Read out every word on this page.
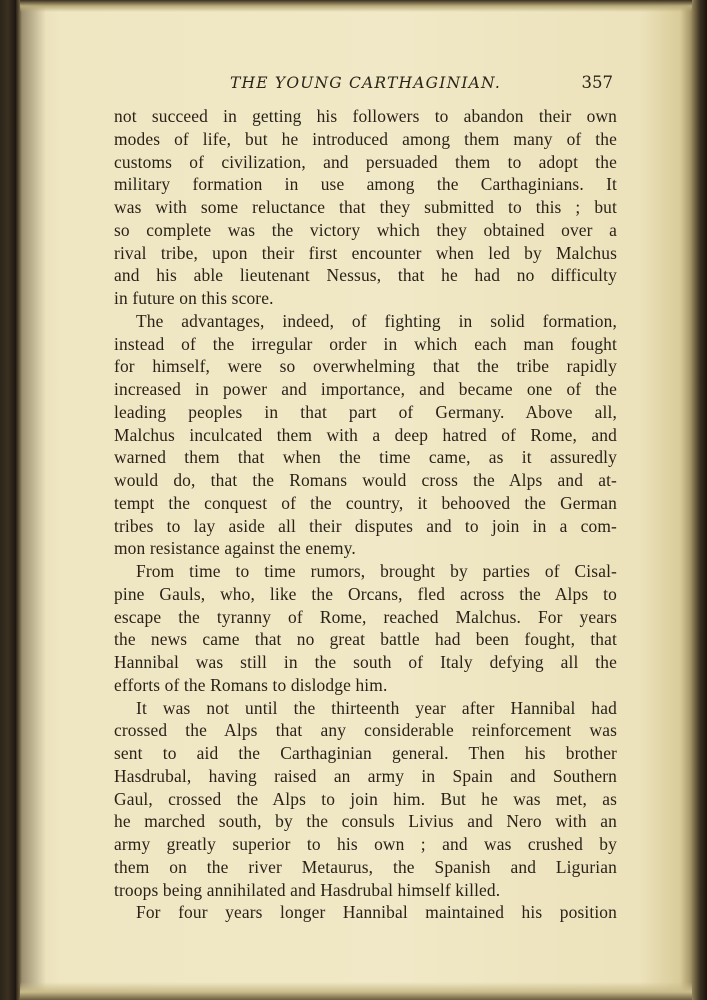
THE YOUNG CARTHAGINIAN.	357
not succeed in getting his followers to abandon their own
modes of life, but he introduced among them many of the
customs of civilization, and persuaded them to adopt the
military formation in use among the Carthaginians. It
was with some reluctance that they submitted to this ; but
so complete was the victory which they obtained over a
rival tribe, upon their first encounter when led by Malchus
and his able lieutenant Nessus, that he had no difficulty
in future on this score.
The advantages, indeed, of fighting in solid formation,
instead of the irregular order in which each man fought
for himself, were so overwhelming that the tribe rapidly
increased in power and importance, and became one of the
leading peoples in that part of Germany. Above all,
Malchus inculcated them with a deep hatred of Rome, and
warned them that when the time came, as it assuredly
would do, that the Romans would cross the Alps and at-
tempt the conquest of the country, it behooved the German
tribes to lay aside all their disputes and to join in a com-
mon resistance against the enemy.
From time to time rumors, brought by parties of Cisal-
pine Gauls, who, like the Orcans, fled across the Alps to
escape the tyranny of Rome, reached Malchus. For years
the news came that no great battle had been fought, that
Hannibal was still in the south of Italy defying all the
efforts of the Romans to dislodge him.
It was not until the thirteenth year after Hannibal had
crossed the Alps that any considerable reinforcement was
sent to aid the Carthaginian general. Then his brother
Hasdrubal, having raised an army in Spain and Southern
Gaul, crossed the Alps to join him. But he was met, as
he marched south, by the consuls Livius and Nero with an
army greatly superior to his own ; and was crushed by
them on the river Metaurus, the Spanish and Ligurian
troops being annihilated and Hasdrubal himself killed.
For four years longer Hannibal maintained his position
